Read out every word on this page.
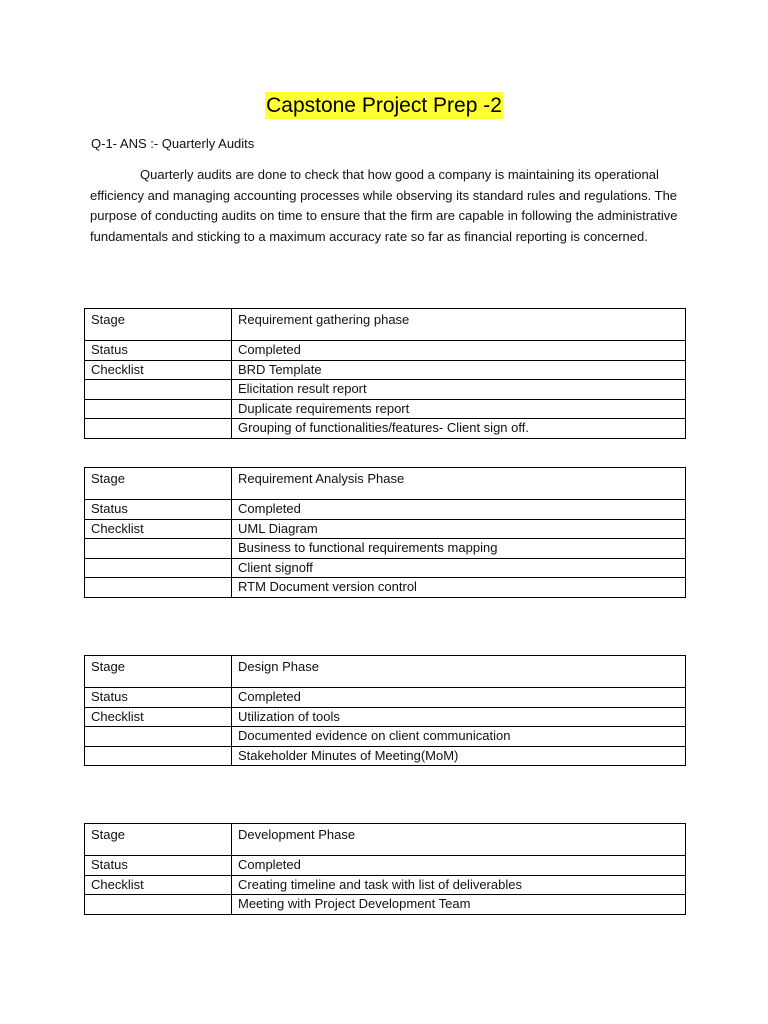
Capstone Project Prep -2
Q-1- ANS :- Quarterly Audits

Quarterly audits are done to check that how good a company is maintaining its operational efficiency and managing accounting processes while observing its standard rules and regulations. The purpose of conducting audits on time to ensure that the firm are capable in following the administrative fundamentals and sticking to a maximum accuracy rate so far as financial reporting is concerned.

Stage	Requirement gathering phase
Status	Completed
Checklist	BRD Template
	Elicitation result report
	Duplicate requirements report
	Grouping of functionalities/features- Client sign off.
Stage	Requirement Analysis Phase
Status	Completed
Checklist	UML Diagram
	Business to functional requirements mapping
	Client signoff
	RTM Document version control
Stage	Design Phase
Status	Completed
Checklist	Utilization of tools
	Documented evidence on client communication
	Stakeholder Minutes of Meeting(MoM)
Stage	Development Phase
Status	Completed
Checklist	Creating timeline and task with list of deliverables
	Meeting with Project Development Team
